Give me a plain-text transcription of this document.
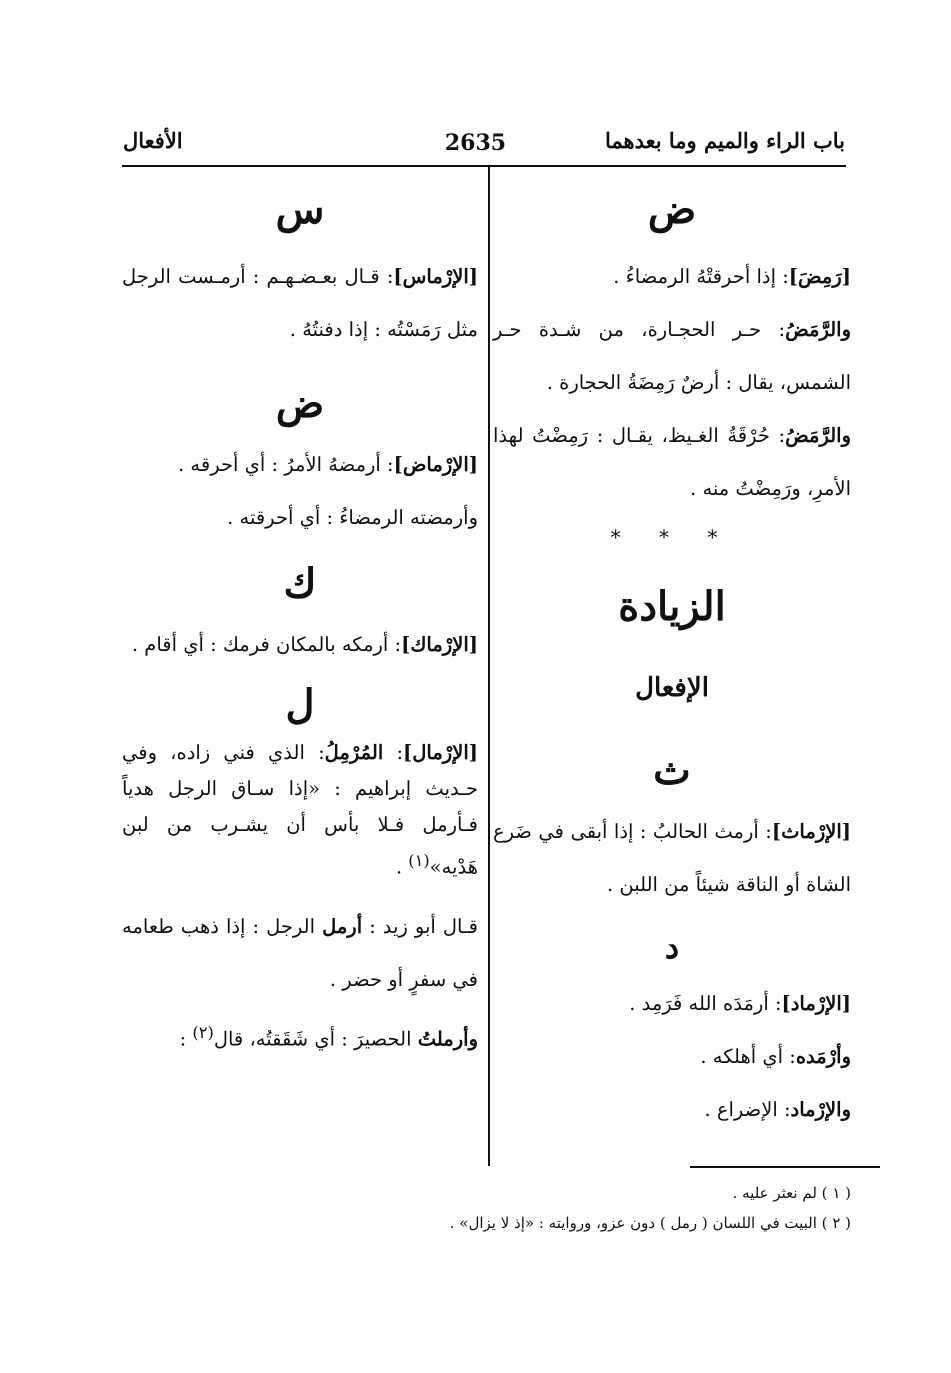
باب الراء والميم وما بعدهما
2635
الأفعال
ض
[رَمِضَ]: إذا أحرقتْهُ الرمضاءُ .
والرَّمَضُ: حـر الحجـارة، من شـدة حـر الشمس، يقال : أرضٌ رَمِضَةُ الحجارة .
والرَّمَضُ: حُرْقَةُ الغـيظ، يقـال : رَمِضْتُ لهذا الأمرِ، ورَمِضْتُ منه .
* * *
الزيادة
الإفعال
ث
[الإرْماث]: أرمث الحالبُ : إذا أبقى في ضَرع الشاة أو الناقة شيئاً من اللبن .
د
[الإرْماد]: أرمَدَه الله فَرَمِد .
وأرْمَده: أي أهلكه .
والإرْماد: الإضراع .
س
[الإرْماس]: قـال بعـضـهـم : أرمـست الرجل مثل رَمَسْتُه : إذا دفنتُهُ .
ض
[الإرْماض]: أرمضهُ الأمرُ : أي أحرقه .
وأرمضته الرمضاءُ : أي أحرقته .
ك
[الإرْماك]: أرمكه بالمكان فرمك : أي أقام .
ل
[الإرْمال]: المُرْمِلُ: الذي فني زاده، وفي حـديث إبراهيم : «إذا سـاق الرجل هدياً فـأرمل فـلا بأس أن يشـرب من لبن هَدْيه»$^{(١)}$ .
قـال أبو زيد : أرمل الرجل : إذا ذهب طعامه في سفرٍ أو حضر .
وأرملتُ الحصيرَ : أي شَقَقتُه، قال$^{(٢)}$ :
( ١ ) لم نعثر عليه .
( ٢ ) البيت في اللسان ( رمل ) دون عزو، وروايته : «إذ لا يزال» .
